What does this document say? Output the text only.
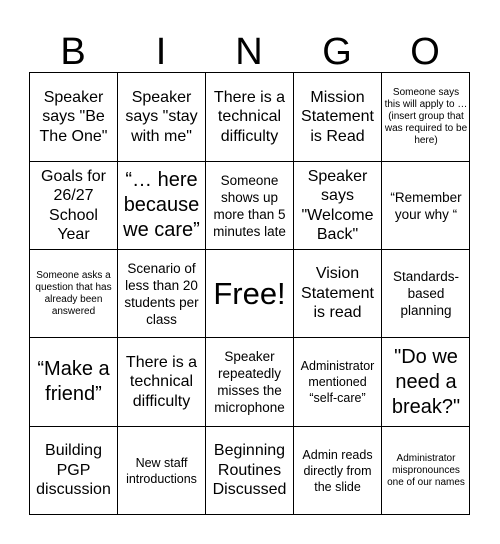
B	I	N	G	O
Speaker says "Be The One"
Speaker says "stay with me"
There is a technical difficulty
Mission Statement is Read
Someone says this will apply to …(insert group that was required to be here)
Goals for 26/27 School Year
“… here because we care”
Someone shows up more than 5 minutes late
Speaker says "Welcome Back"
“Remember your why “
Someone asks a question that has already been answered
Scenario of less than 20 students per class
Free!
Vision Statement is read
Standards-based planning
“Make a friend”
There is a technical difficulty
Speaker repeatedly misses the microphone
Administrator mentioned “self-care”
"Do we need a break?"
Building PGP discussion
New staff introductions
Beginning Routines Discussed
Admin reads directly from the slide
Administrator mispronounces one of our names
